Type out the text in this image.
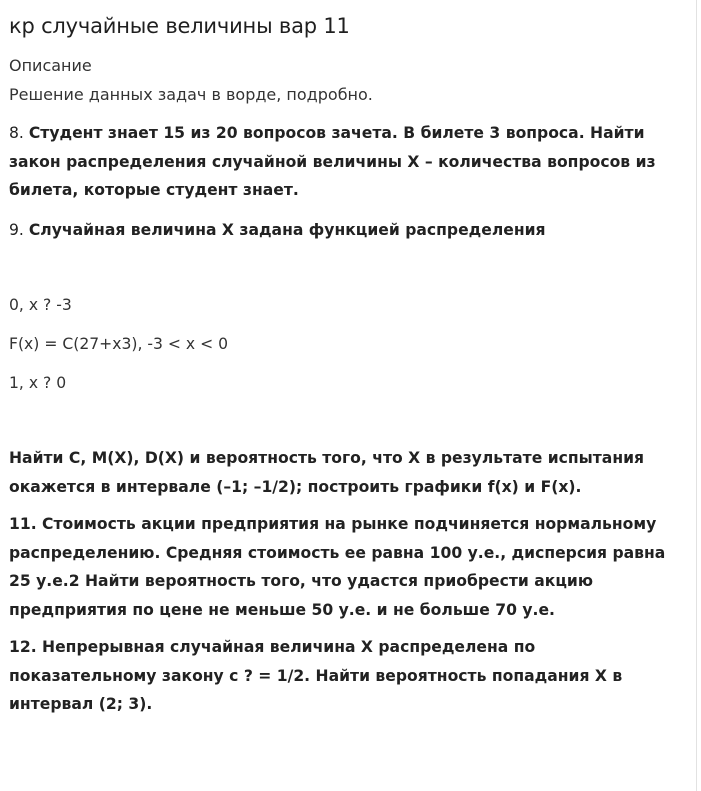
кр случайные величины вар 11

Описание

Решение данных задач в ворде, подробно.

8. Студент знает 15 из 20 вопросов зачета. В билете 3 вопроса. Найти закон распределения случайной величины Х – количества вопросов из билета, которые студент знает.

9. Случайная величина Х задана функцией распределения

0, x ? -3

F(x) = C(27+x3), -3 < x < 0

1, x ? 0

Найти С, M(X), D(X) и вероятность того, что Х в результате испытания окажется в интервале (–1; –1/2); построить графики f(x) и F(x).

11. Стоимость акции предприятия на рынке подчиняется нормальному распределению. Средняя стоимость ее равна 100 у.е., дисперсия равна 25 у.е.2 Найти вероятность того, что удастся приобрести акцию предприятия по цене не меньше 50 у.е. и не больше 70 у.е.

12. Непрерывная случайная величина Х распределена по показательному закону с ? = 1/2. Найти вероятность попадания Х в интервал (2; 3).
